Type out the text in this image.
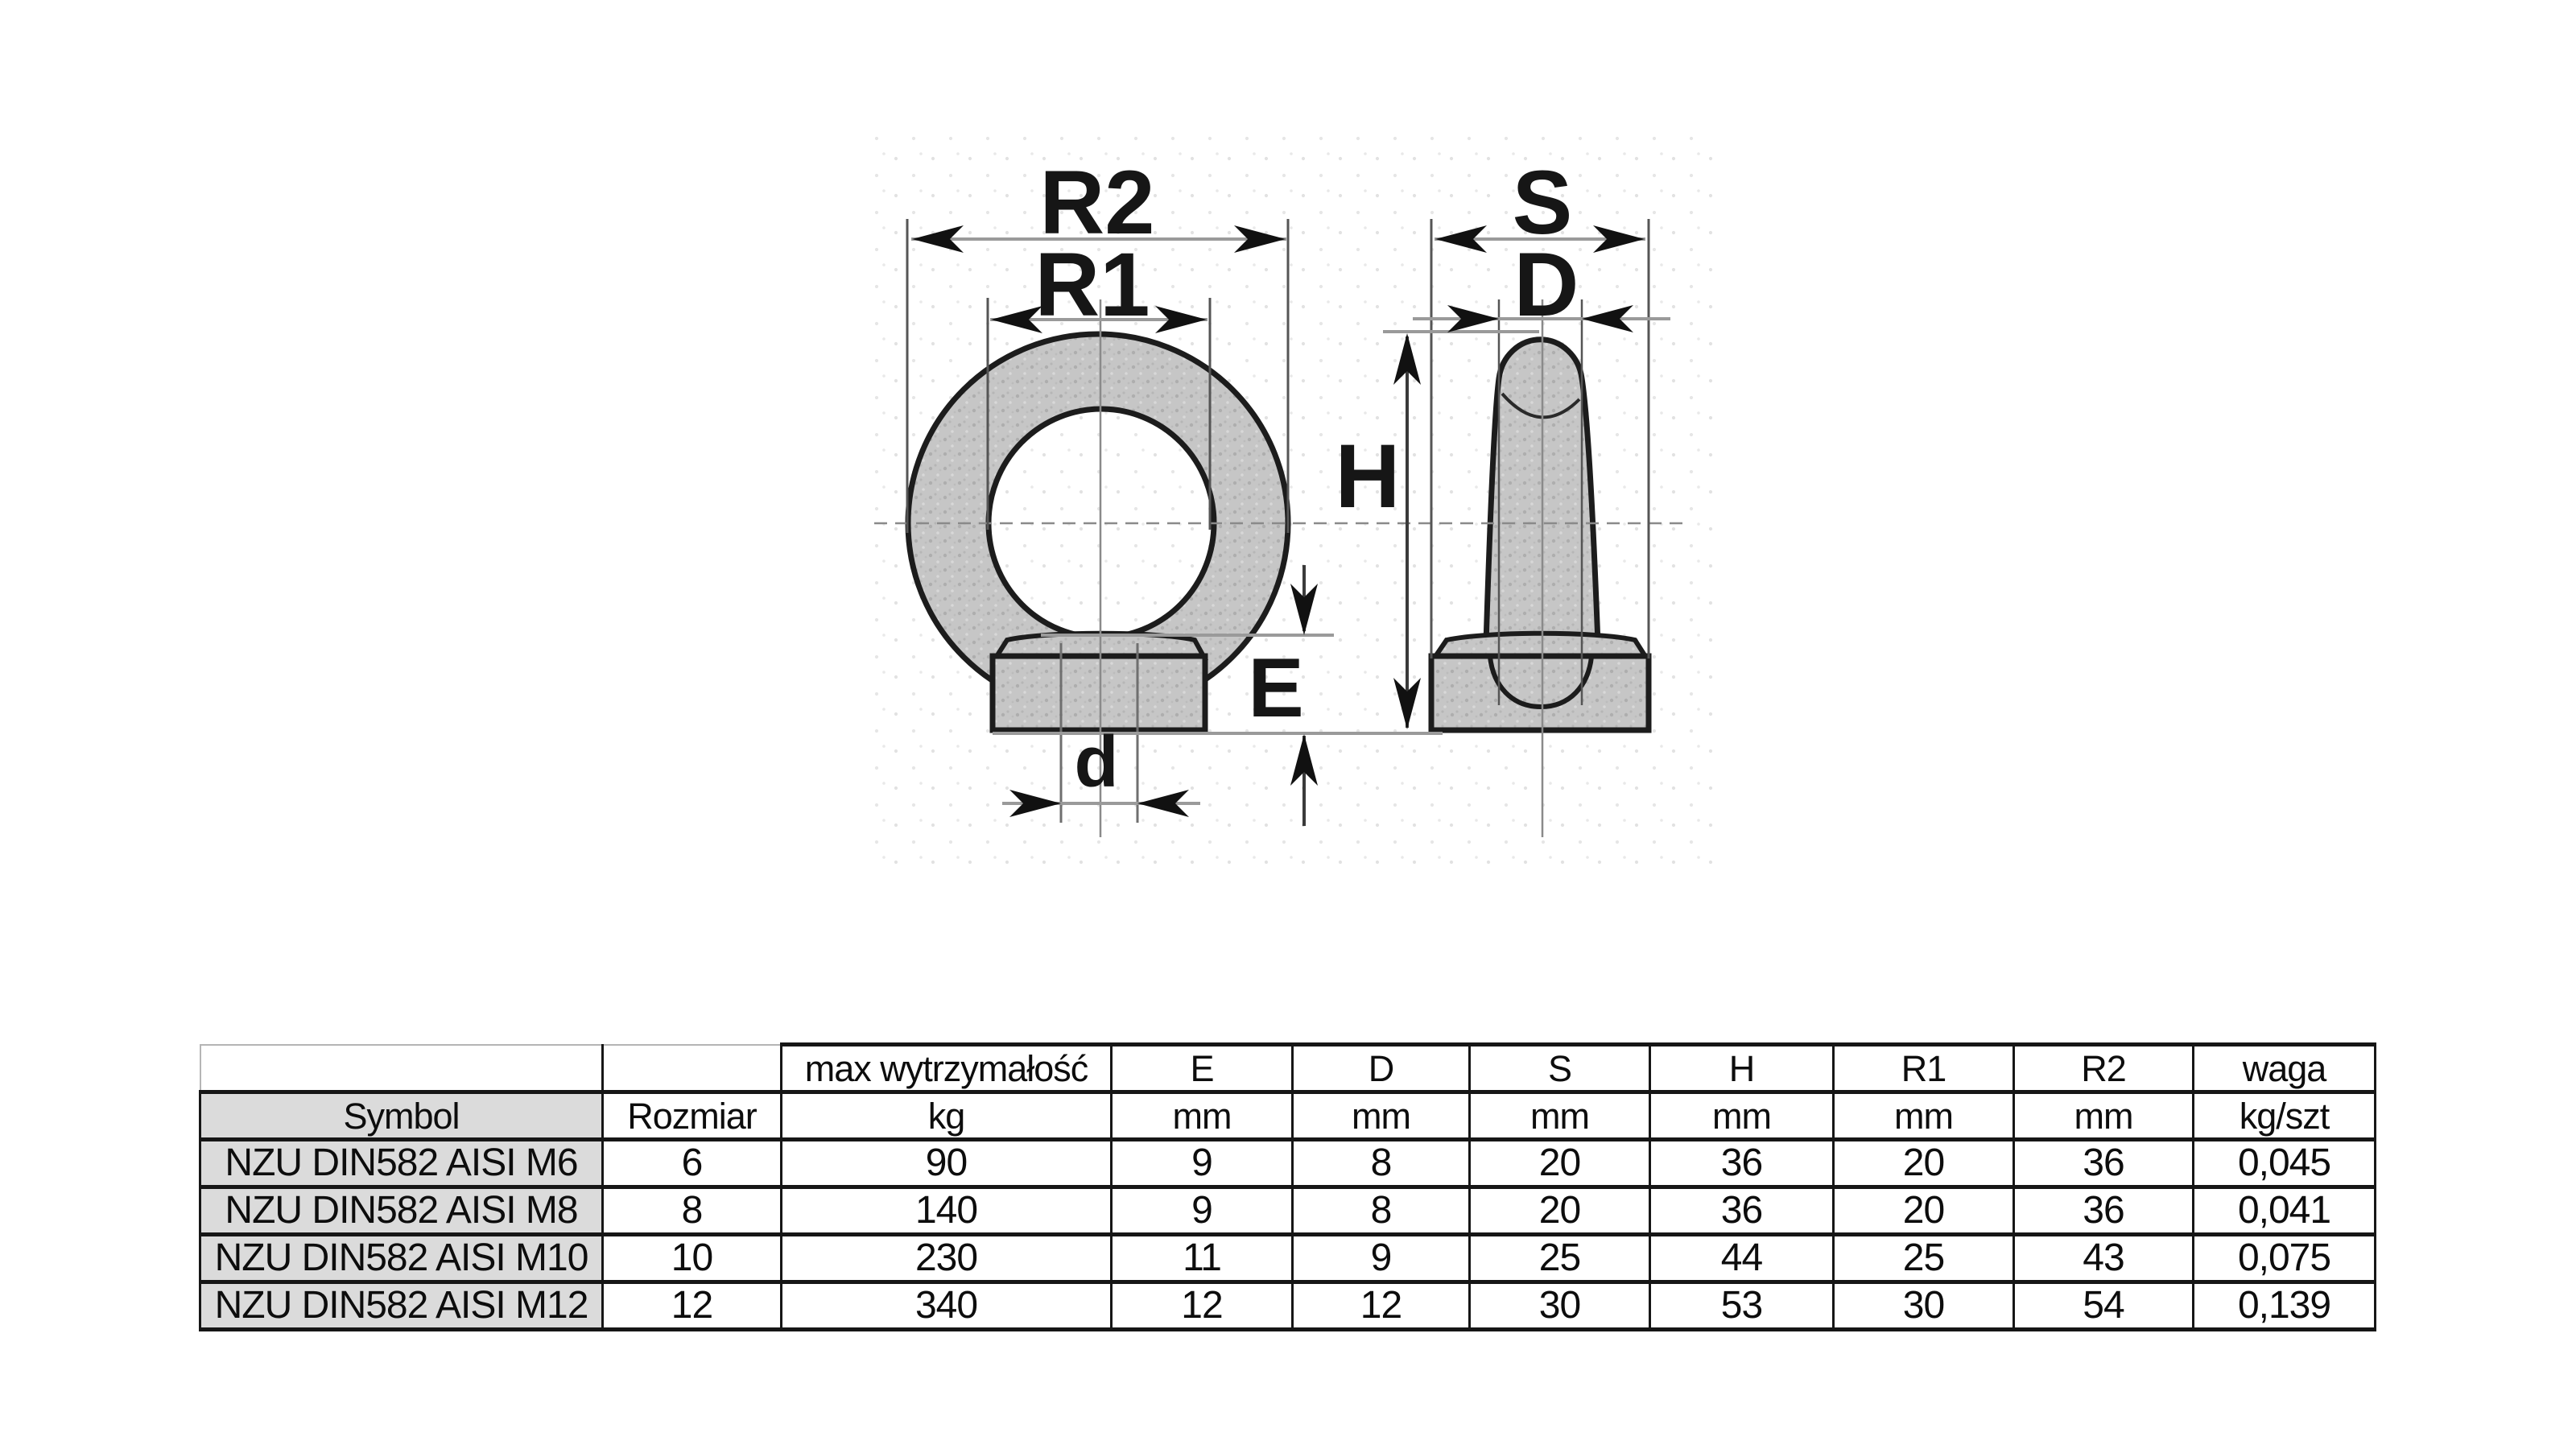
R2
R1
S
D
H
E
d
		max wytrzymałość	E	D	S	H	R1	R2	waga
Symbol	Rozmiar	kg	mm	mm	mm	mm	mm	mm	kg/szt
NZU DIN582 AISI M6	6	90	9	8	20	36	20	36	0,045
NZU DIN582 AISI M8	8	140	9	8	20	36	20	36	0,041
NZU DIN582 AISI M10	10	230	11	9	25	44	25	43	0,075
NZU DIN582 AISI M12	12	340	12	12	30	53	30	54	0,139
